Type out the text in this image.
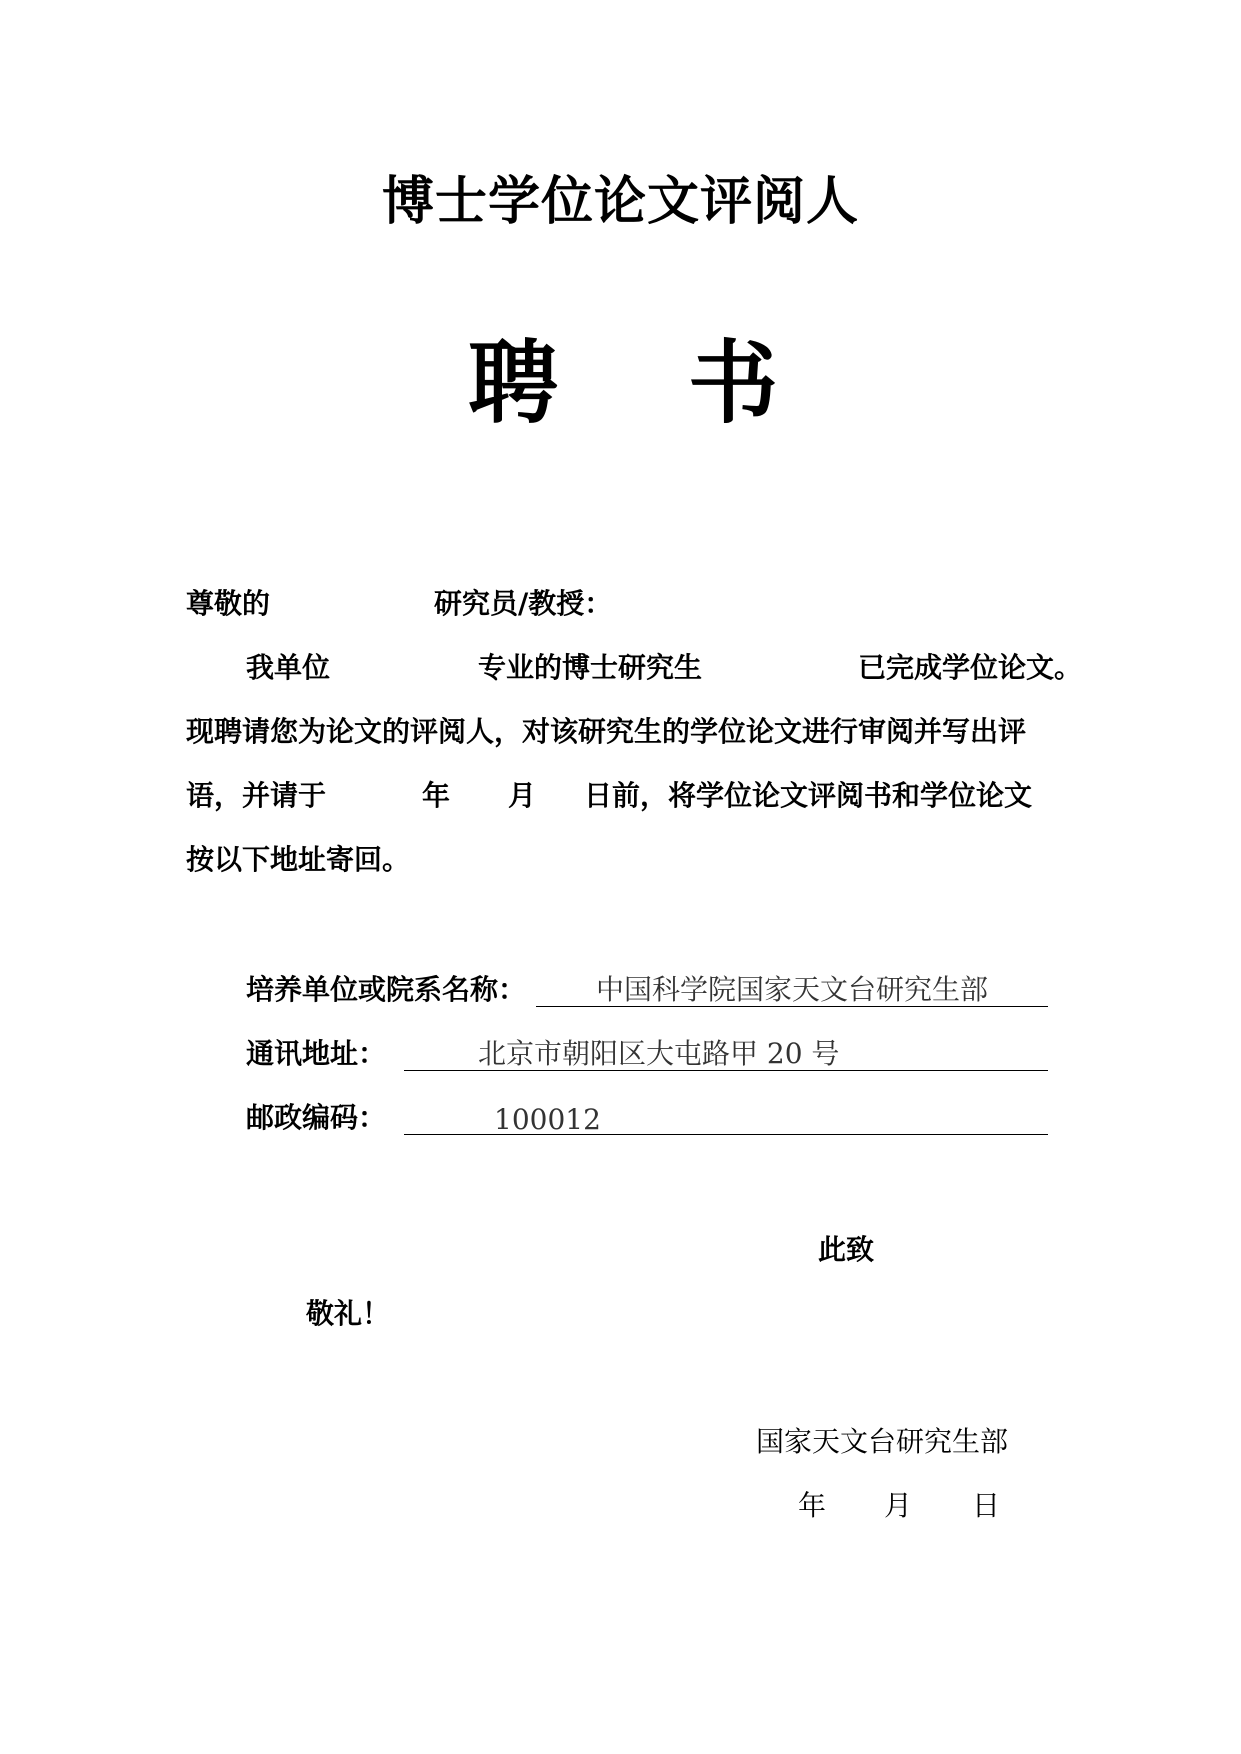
博士学位论文评阅人
聘 书
尊敬的	研究员/教授：
我单位	专业的博士研究生	已完成学位论文。
现聘请您为论文的评阅人，对该研究生的学位论文进行审阅并写出评
语，并请于	年 月 日前，将学位论文评阅书和学位论文
按以下地址寄回。
培养单位或院系名称： 中国科学院国家天文台研究生部
通讯地址：	北京市朝阳区大屯路甲 20 号
邮政编码：	100012
此致
敬礼！
国家天文台研究生部
年 月 日
